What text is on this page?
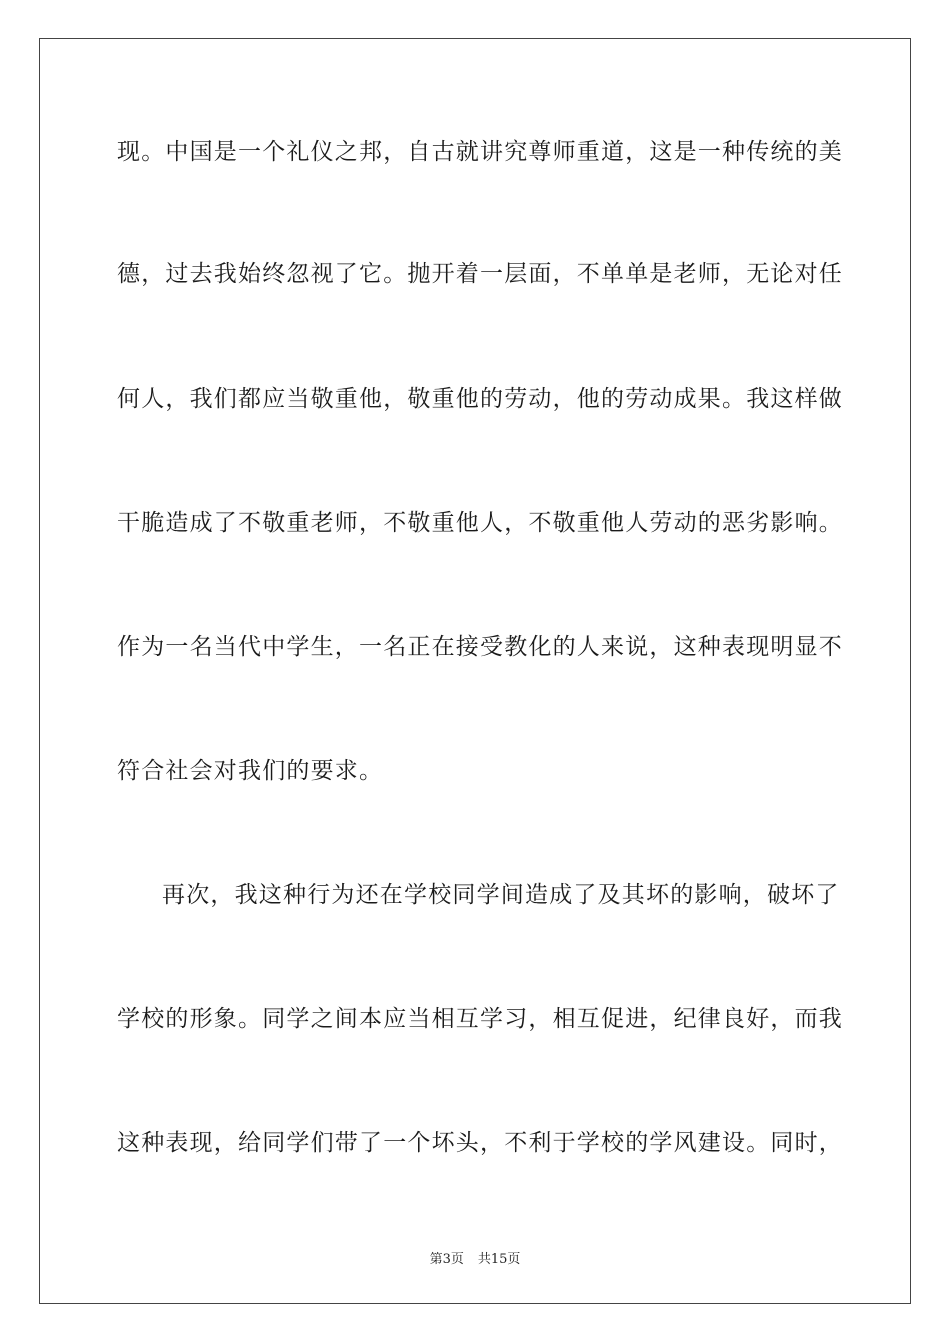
现。中国是一个礼仪之邦，自古就讲究尊师重道，这是一种传统的美
德，过去我始终忽视了它。抛开着一层面，不单单是老师，无论对任
何人，我们都应当敬重他，敬重他的劳动，他的劳动成果。我这样做
干脆造成了不敬重老师，不敬重他人，不敬重他人劳动的恶劣影响。
作为一名当代中学生，一名正在接受教化的人来说，这种表现明显不
符合社会对我们的要求。
再次，我这种行为还在学校同学间造成了及其坏的影响，破坏了
学校的形象。同学之间本应当相互学习，相互促进，纪律良好，而我
这种表现，给同学们带了一个坏头，不利于学校的学风建设。同时，
第3页 共15页
